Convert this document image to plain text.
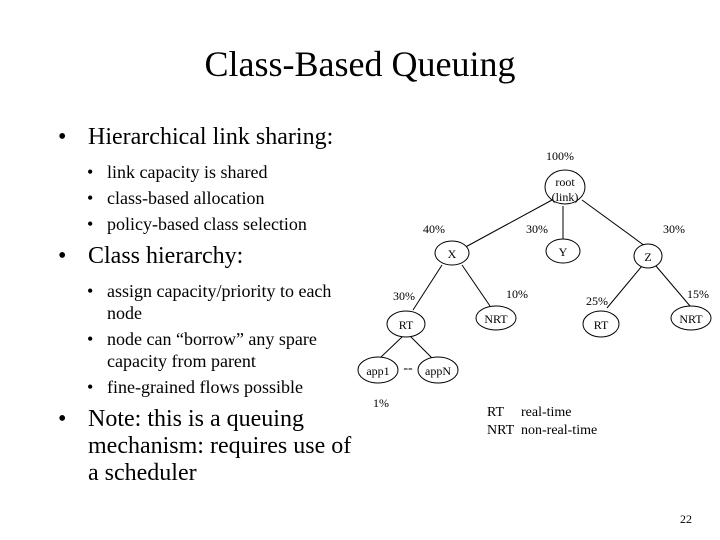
Class-Based Queuing
• Hierarchical link sharing:
• link capacity is shared
• class-based allocation
• policy-based class selection
• Class hierarchy:
• assign capacity/priority to each node
• node can “borrow” any spare capacity from parent
• fine-grained flows possible
• Note: this is a queuing mechanism: requires use of a scheduler
root
(link)
X	Y	Z
RT	NRT	RT	NRT
app1	appN
--
100%
40%	30%	30%
30%	10%	25%	15%
1%
RT real-time
NRT non-real-time
22
